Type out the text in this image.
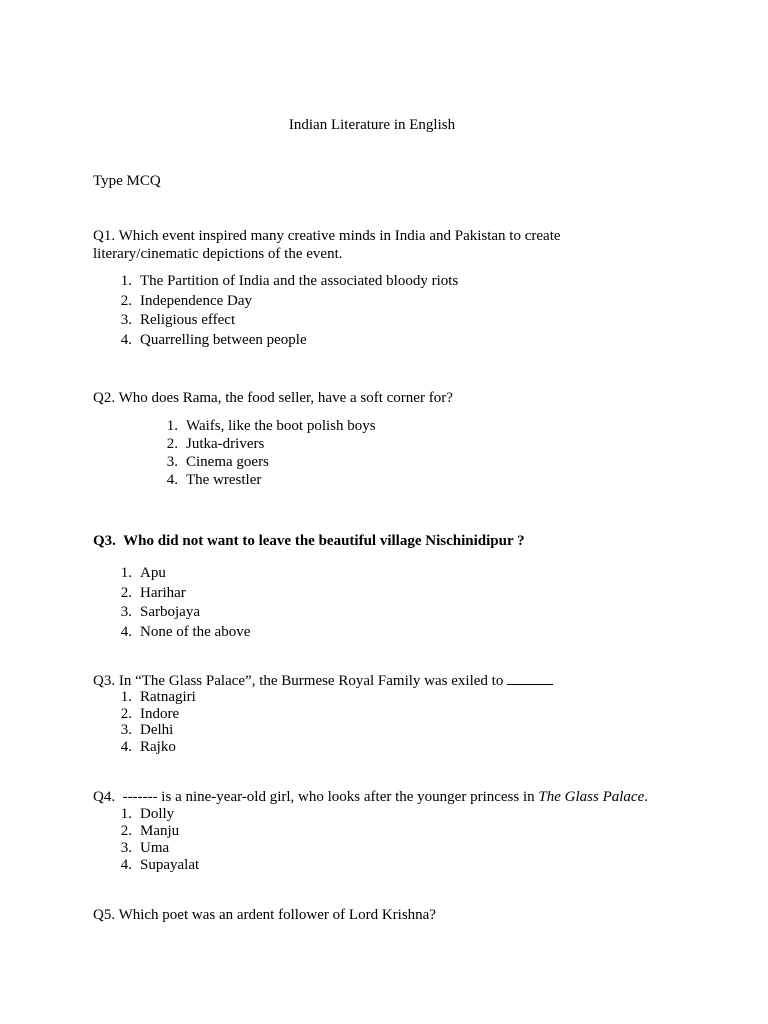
Indian Literature in English
Type MCQ
Q1. Which event inspired many creative minds in India and Pakistan to create
literary/cinematic depictions of the event.
1. The Partition of India and the associated bloody riots
2. Independence Day
3. Religious effect
4. Quarrelling between people
Q2. Who does Rama, the food seller, have a soft corner for?
1. Waifs, like the boot polish boys
2. Jutka-drivers
3. Cinema goers
4. The wrestler
Q3. Who did not want to leave the beautiful village Nischinidipur ?
1. Apu
2. Harihar
3. Sarbojaya
4. None of the above
Q3. In “The Glass Palace”, the Burmese Royal Family was exiled to
1. Ratnagiri
2. Indore
3. Delhi
4. Rajko
Q4. ------- is a nine-year-old girl, who looks after the younger princess in The Glass Palace.
1. Dolly
2. Manju
3. Uma
4. Supayalat
Q5. Which poet was an ardent follower of Lord Krishna?
